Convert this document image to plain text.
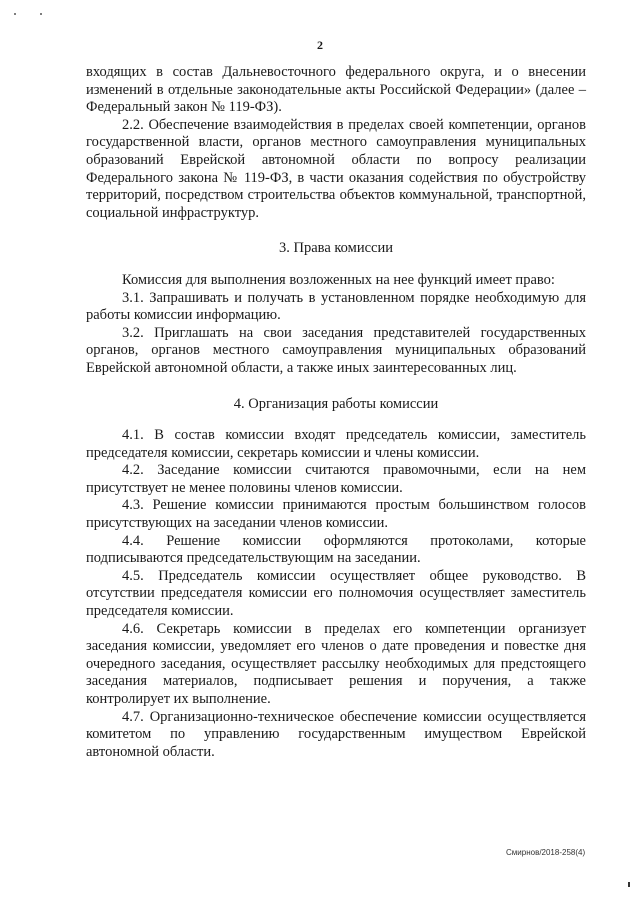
2

входящих в состав Дальневосточного федерального округа, и о внесении изменений в отдельные законодательные акты Российской Федерации» (далее – Федеральный закон № 119-ФЗ).

2.2. Обеспечение взаимодействия в пределах своей компетенции, органов государственной власти, органов местного самоуправления муниципальных образований Еврейской автономной области по вопросу реализации Федерального закона № 119-ФЗ, в части оказания содействия по обустройству территорий, посредством строительства объектов коммунальной, транспортной, социальной инфраструктур.

3. Права комиссии

Комиссия для выполнения возложенных на нее функций имеет право:

3.1. Запрашивать и получать в установленном порядке необходимую для работы комиссии информацию.

3.2. Приглашать на свои заседания представителей государственных органов, органов местного самоуправления муниципальных образований Еврейской автономной области, а также иных заинтересованных лиц.

4. Организация работы комиссии

4.1. В состав комиссии входят председатель комиссии, заместитель председателя комиссии, секретарь комиссии и члены комиссии.

4.2. Заседание комиссии считаются правомочными, если на нем присутствует не менее половины членов комиссии.

4.3. Решение комиссии принимаются простым большинством голосов присутствующих на заседании членов комиссии.

4.4. Решение комиссии оформляются протоколами, которые подписываются председательствующим на заседании.

4.5. Председатель комиссии осуществляет общее руководство. В отсутствии председателя комиссии его полномочия осуществляет заместитель председателя комиссии.

4.6. Секретарь комиссии в пределах его компетенции организует заседания комиссии, уведомляет его членов о дате проведения и повестке дня очередного заседания, осуществляет рассылку необходимых для предстоящего заседания материалов, подписывает решения и поручения, а также контролирует их выполнение.

4.7. Организационно-техническое обеспечение комиссии осуществляется комитетом по управлению государственным имуществом Еврейской автономной области.

Смирнов/2018-258(4)
